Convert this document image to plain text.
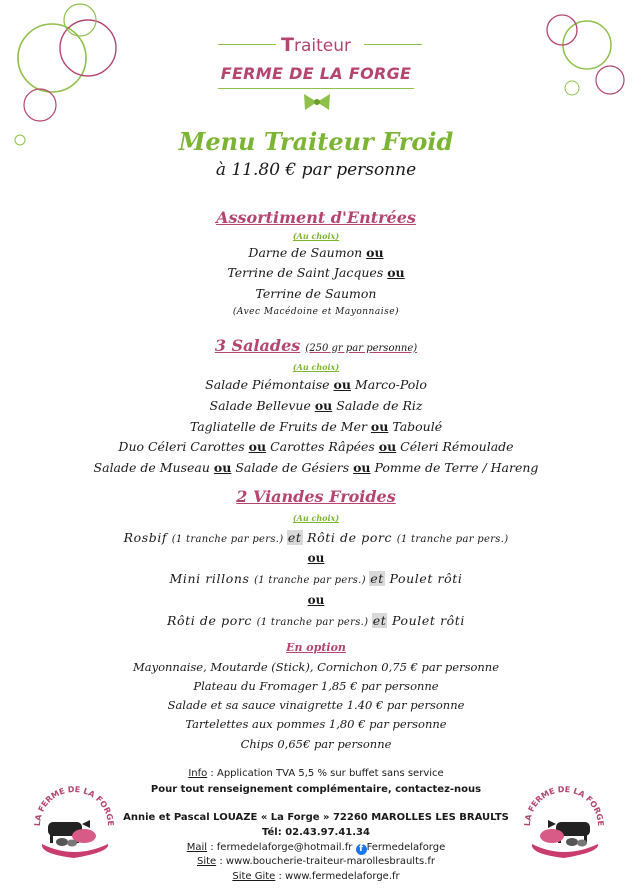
Traiteur
FERME DE LA FORGE
Menu Traiteur Froid
à 11.80 € par personne
Assortiment d'Entrées
(Au choix)
Darne de Saumon ou
Terrine de Saint Jacques ou
Terrine de Saumon
(Avec Macédoine et Mayonnaise)
3 Salades (250 gr par personne)
(Au choix)
Salade Piémontaise ou Marco-Polo
Salade Bellevue ou Salade de Riz
Tagliatelle de Fruits de Mer ou Taboulé
Duo Céleri Carottes ou Carottes Râpées ou Céleri Rémoulade
Salade de Museau ou Salade de Gésiers ou Pomme de Terre / Hareng
2 Viandes Froides
(Au choix)
Rosbif (1 tranche par pers.) et Rôti de porc (1 tranche par pers.)
ou
Mini rillons (1 tranche par pers.) et Poulet rôti
ou
Rôti de porc (1 tranche par pers.) et Poulet rôti
En option
Mayonnaise, Moutarde (Stick), Cornichon 0,75 € par personne
Plateau du Fromager 1,85 € par personne
Salade et sa sauce vinaigrette 1.40 € par personne
Tartelettes aux pommes 1,80 € par personne
Chips 0,65€ par personne
Info : Application TVA 5,5 % sur buffet sans service
Pour tout renseignement complémentaire, contactez-nous
Annie et Pascal LOUAZE « La Forge » 72260 MAROLLES LES BRAULTS
Tél: 02.43.97.41.34
Mail : fermedelaforge@hotmail.fr f Fermedelaforge
Site : www.boucherie-traiteur-marollesbraults.fr
Site Gite : www.fermedelaforge.fr
LA FERME DE LA FORGE	LA FERME DE LA FORGE
